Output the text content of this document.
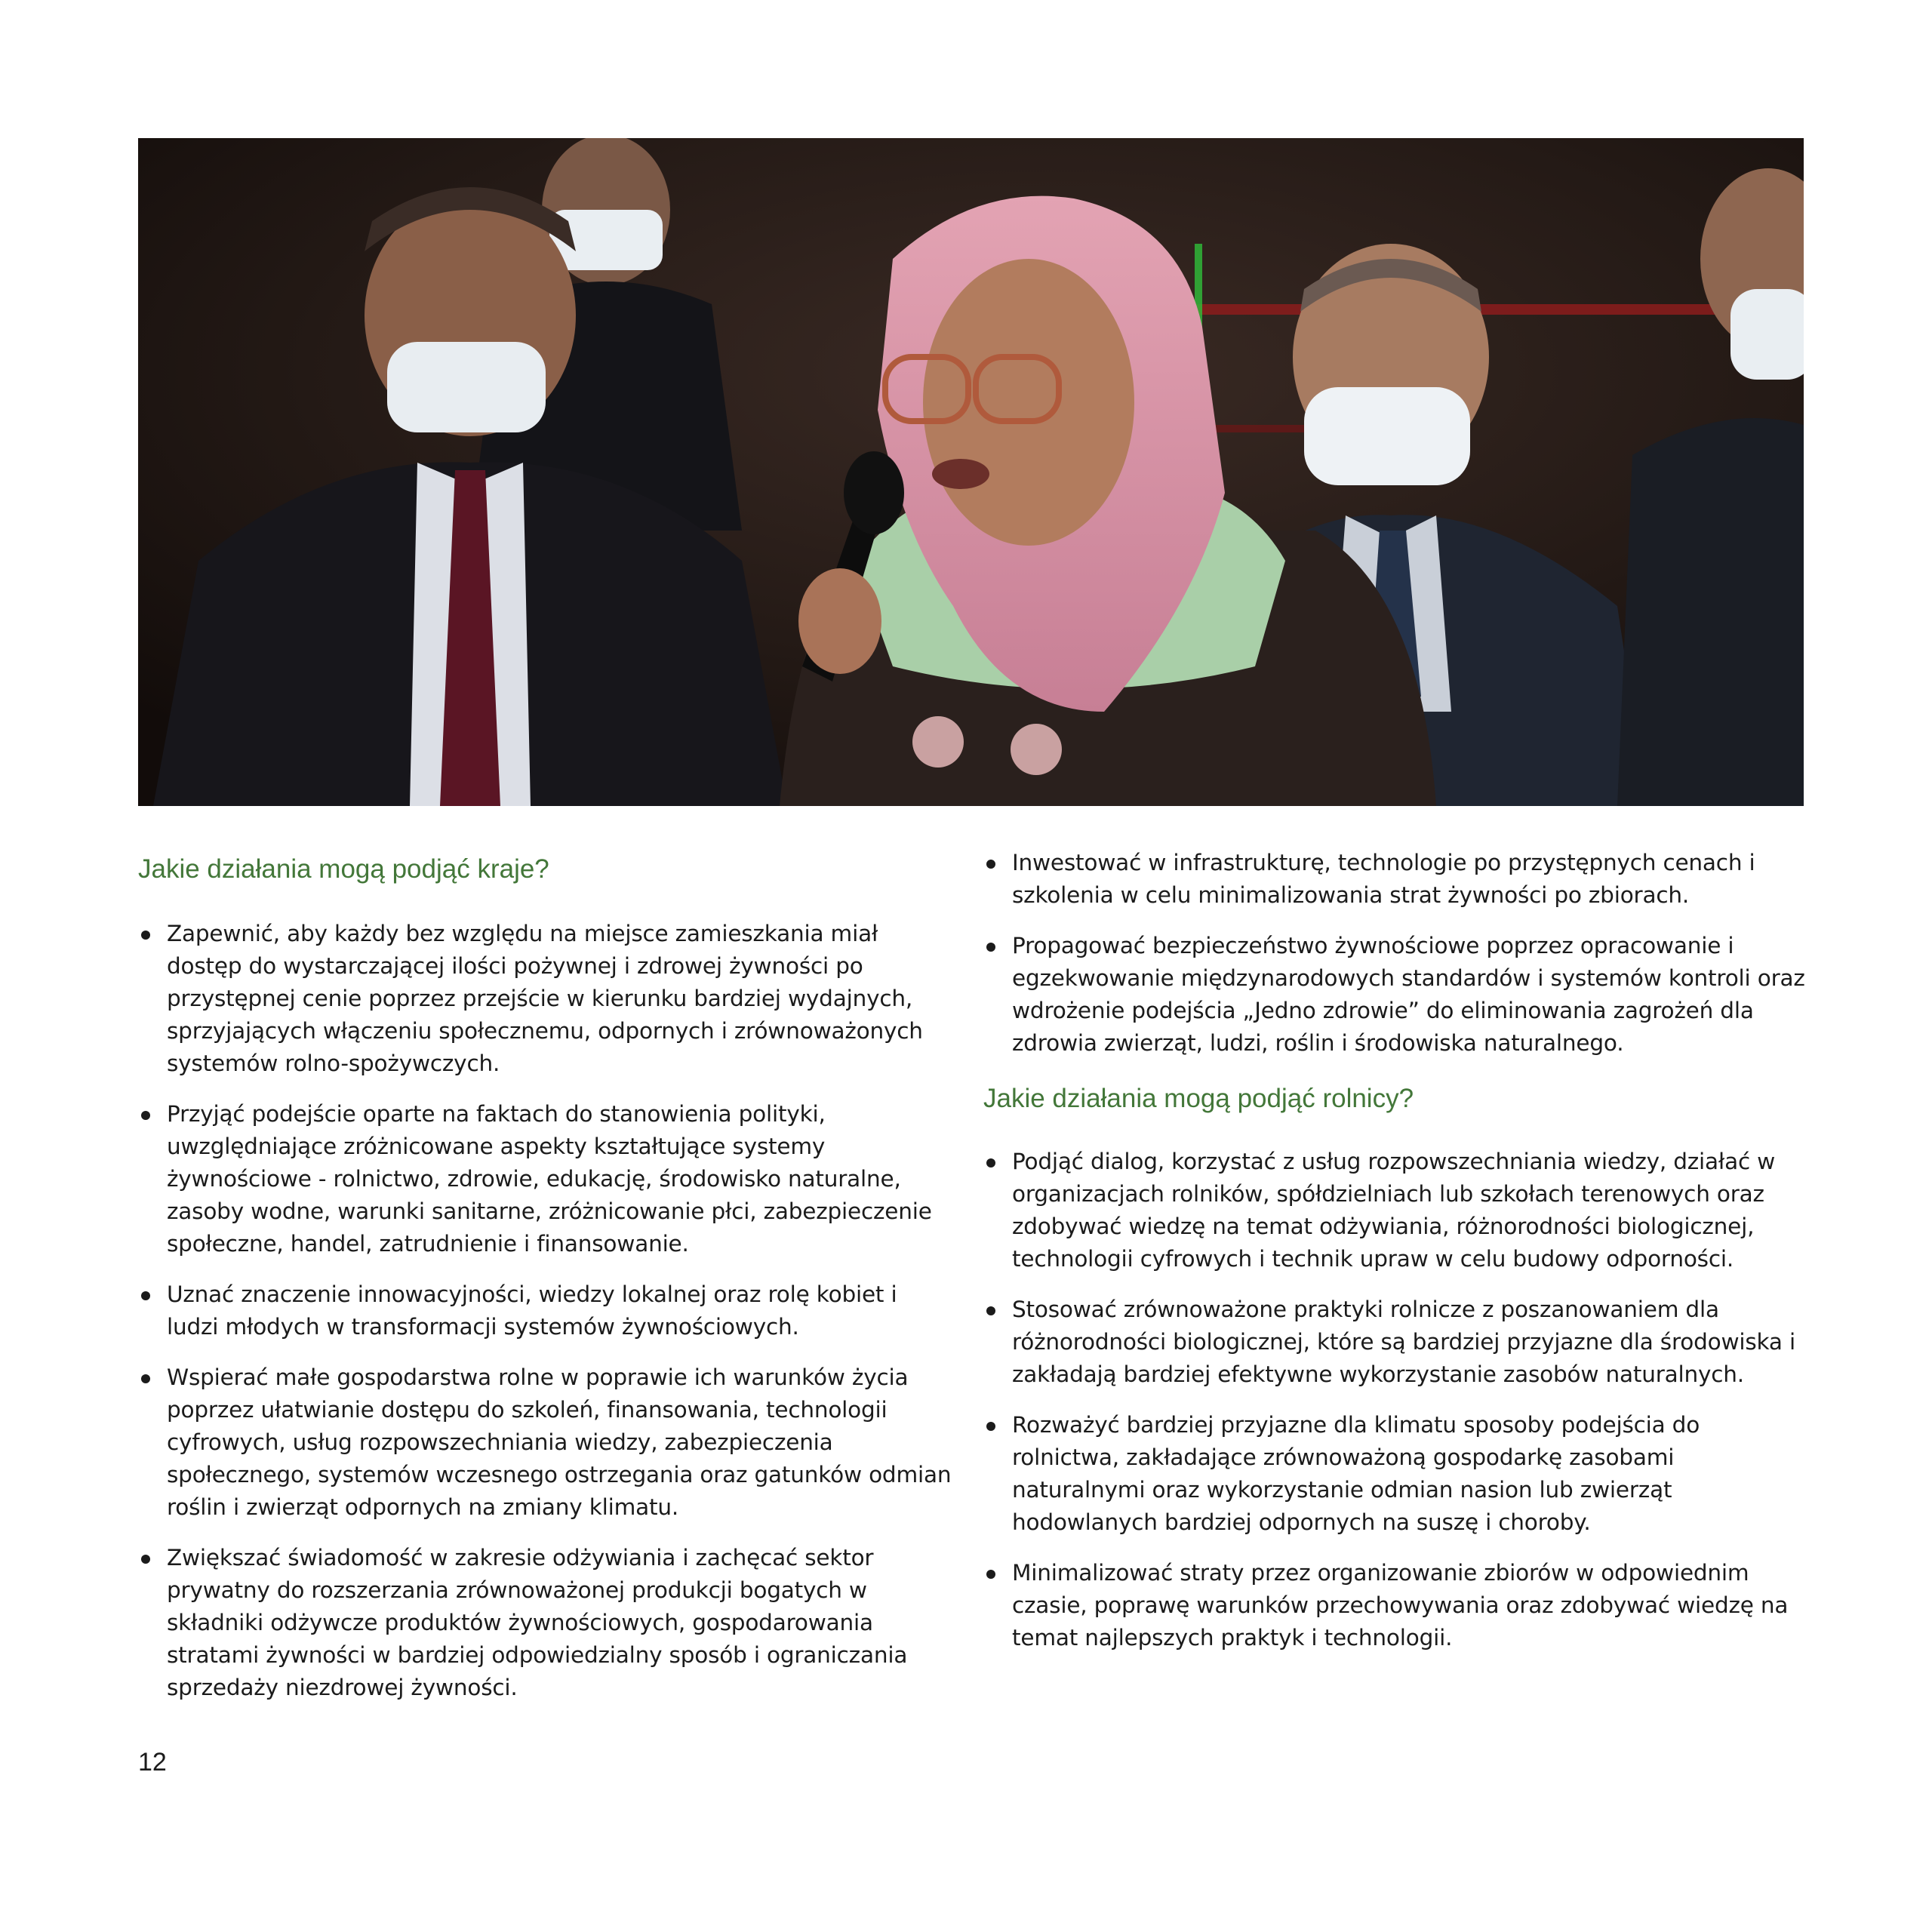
Jakie działania mogą podjąć kraje?
Zapewnić, aby każdy bez względu na miejsce zamieszkania miał dostęp do wystarczającej ilości pożywnej i zdrowej żywności po przystępnej cenie poprzez przejście w kierunku bardziej wydajnych, sprzyjających włączeniu społecznemu, odpornych i zrównoważonych systemów rolno-spożywczych.
Przyjąć podejście oparte na faktach do stanowienia polityki, uwzględniające zróżnicowane aspekty kształtujące systemy żywnościowe - rolnictwo, zdrowie, edukację, środowisko naturalne, zasoby wodne, warunki sanitarne, zróżnicowanie płci, zabezpieczenie społeczne, handel, zatrudnienie i finansowanie.
Uznać znaczenie innowacyjności, wiedzy lokalnej oraz rolę kobiet i ludzi młodych w transformacji systemów żywnościowych.
Wspierać małe gospodarstwa rolne w poprawie ich warunków życia poprzez ułatwianie dostępu do szkoleń, finansowania, technologii cyfrowych, usług rozpowszechniania wiedzy, zabezpieczenia społecznego, systemów wczesnego ostrzegania oraz gatunków odmian roślin i zwierząt odpornych na zmiany klimatu.
Zwiększać świadomość w zakresie odżywiania i zachęcać sektor prywatny do rozszerzania zrównoważonej produkcji bogatych w składniki odżywcze produktów żywnościowych, gospodarowania stratami żywności w bardziej odpowiedzialny sposób i ograniczania sprzedaży niezdrowej żywności.
Inwestować w infrastrukturę, technologie po przystępnych cenach i szkolenia w celu minimalizowania strat żywności po zbiorach.
Propagować bezpieczeństwo żywnościowe poprzez opracowanie i egzekwowanie międzynarodowych standardów i systemów kontroli oraz wdrożenie podejścia „Jedno zdrowie” do eliminowania zagrożeń dla zdrowia zwierząt, ludzi, roślin i środowiska naturalnego.
Jakie działania mogą podjąć rolnicy?
Podjąć dialog, korzystać z usług rozpowszechniania wiedzy, działać w organizacjach rolników, spółdzielniach lub szkołach terenowych oraz zdobywać wiedzę na temat odżywiania, różnorodności biologicznej, technologii cyfrowych i technik upraw w celu budowy odporności.
Stosować zrównoważone praktyki rolnicze z poszanowaniem dla różnorodności biologicznej, które są bardziej przyjazne dla środowiska i zakładają bardziej efektywne wykorzystanie zasobów naturalnych.
Rozważyć bardziej przyjazne dla klimatu sposoby podejścia do rolnictwa, zakładające zrównoważoną gospodarkę zasobami naturalnymi oraz wykorzystanie odmian nasion lub zwierząt hodowlanych bardziej odpornych na suszę i choroby.
Minimalizować straty przez organizowanie zbiorów w odpowiednim czasie, poprawę warunków przechowywania oraz zdobywać wiedzę na temat najlepszych praktyk i technologii.
12
